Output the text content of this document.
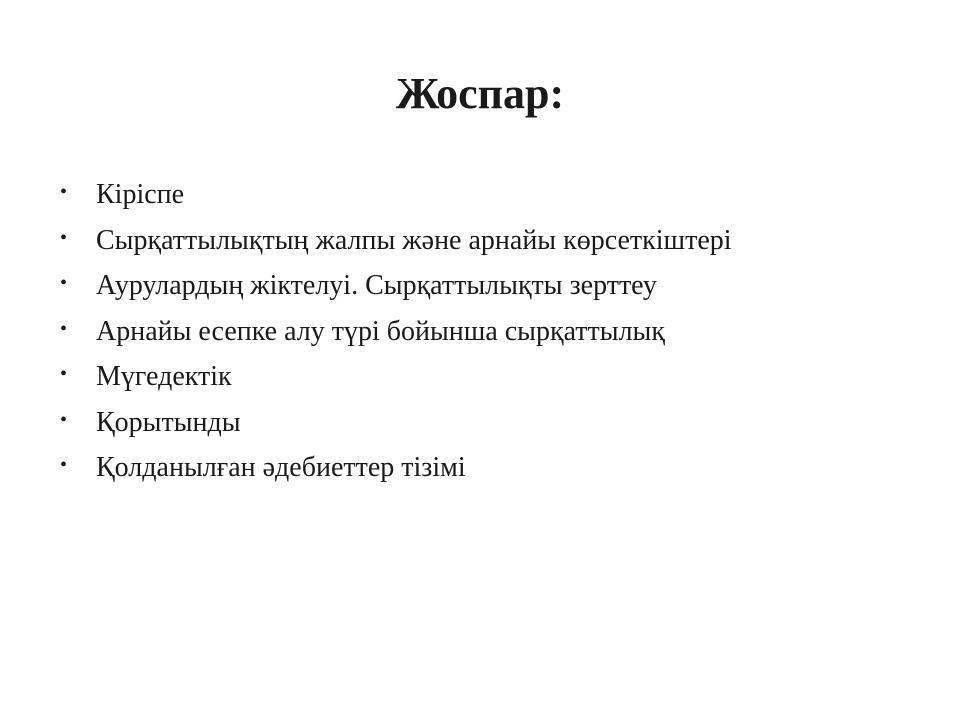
Жоспар:
•	Кіріспе
•	Сырқаттылықтың жалпы және арнайы көрсеткіштері
•	Аурулардың жіктелуі. Сырқаттылықты зерттеу
•	Арнайы есепке алу түрі бойынша сырқаттылық
•	Мүгедектік
•	Қорытынды
•	Қолданылған әдебиеттер тізімі
